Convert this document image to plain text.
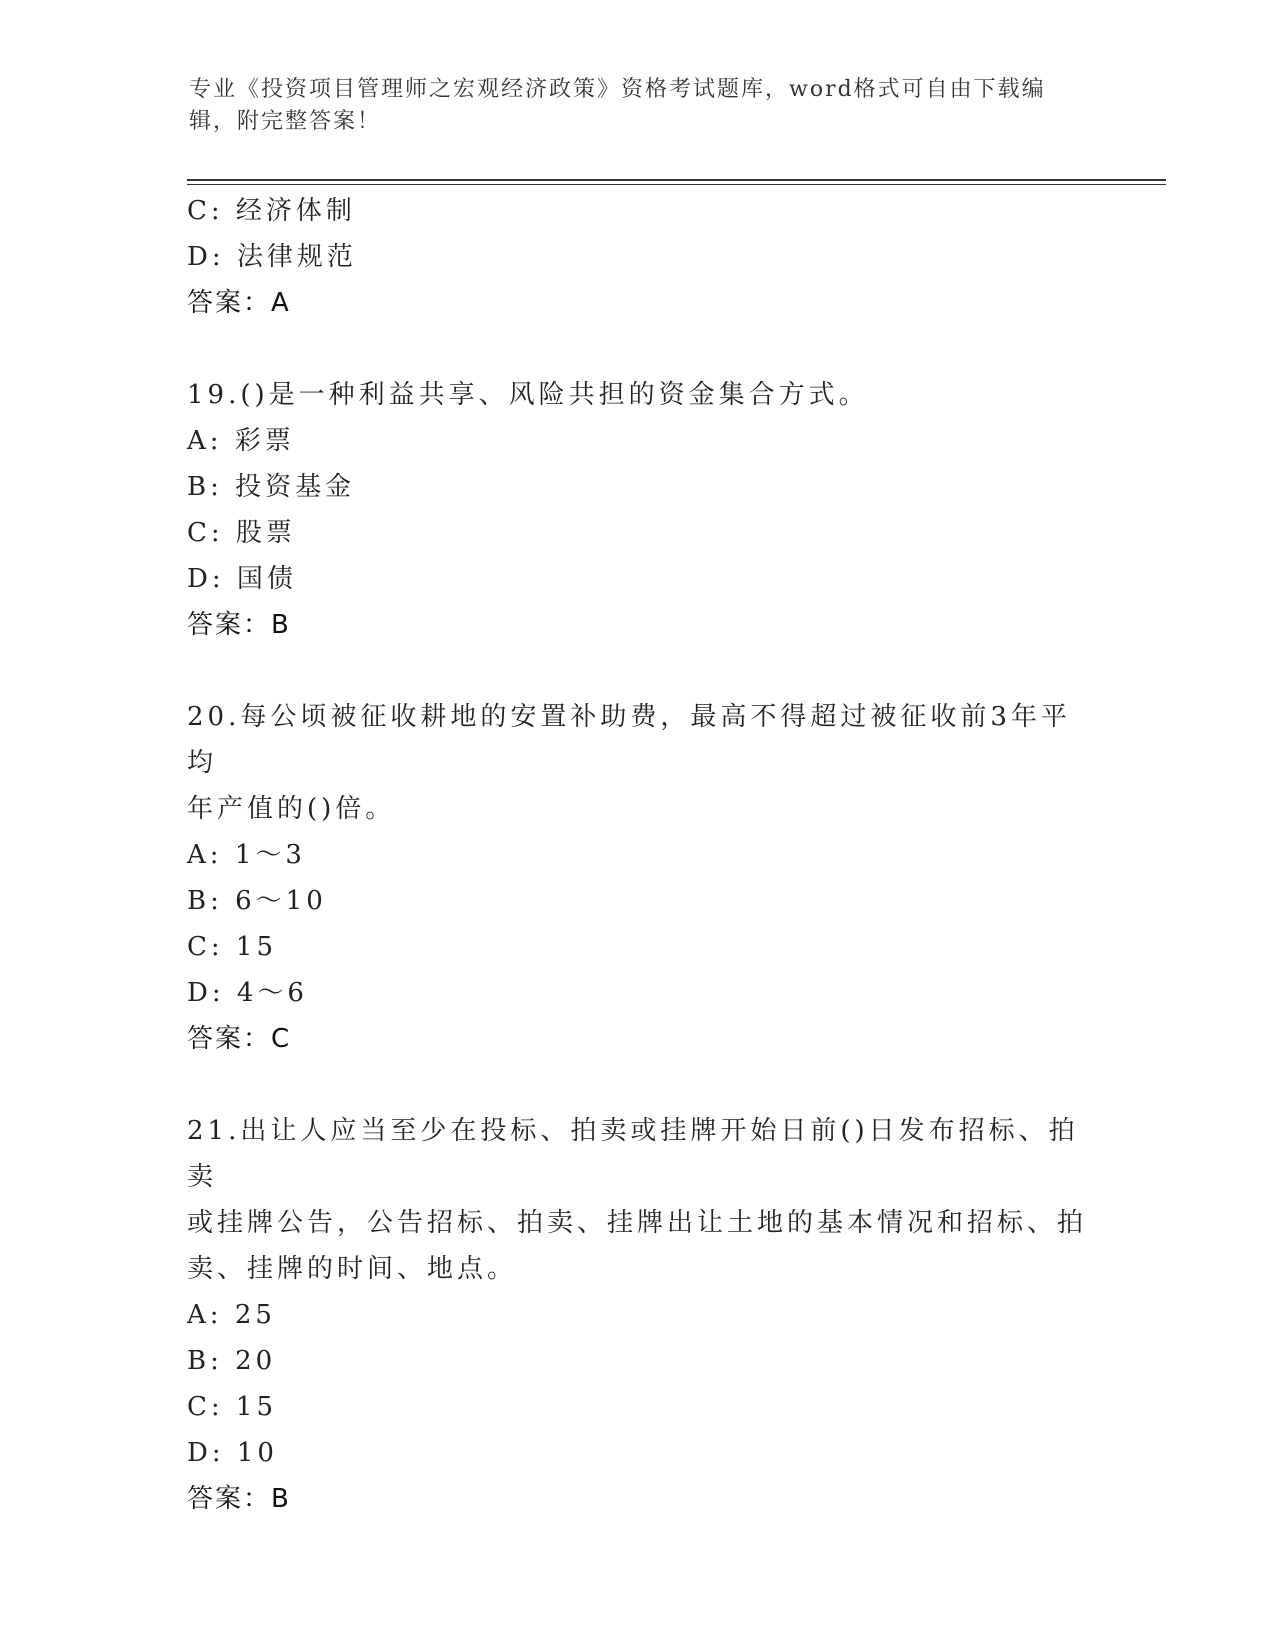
专业《投资项目管理师之宏观经济政策》资格考试题库，word格式可自由下载编
辑，附完整答案！
C: 经济体制
D: 法律规范
答案：A
19.()是一种利益共享、风险共担的资金集合方式。
A: 彩票
B: 投资基金
C: 股票
D: 国债
答案：B
20.每公顷被征收耕地的安置补助费，最高不得超过被征收前3年平均
年产值的()倍。
A: 1～3
B: 6～10
C: 15
D: 4～6
答案：C
21.出让人应当至少在投标、拍卖或挂牌开始日前()日发布招标、拍卖
或挂牌公告，公告招标、拍卖、挂牌出让土地的基本情况和招标、拍
卖、挂牌的时间、地点。
A: 25
B: 20
C: 15
D: 10
答案：B
